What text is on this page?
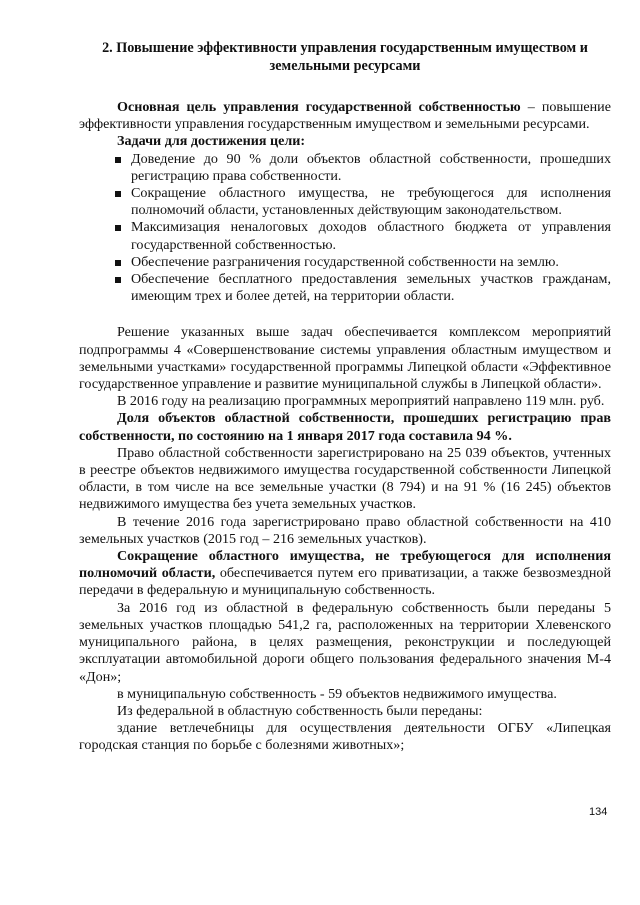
2. Повышение эффективности управления государственным имуществом и земельными ресурсами

Основная цель управления государственной собственностью – повышение эффективности управления государственным имуществом и земельными ресурсами.

Задачи для достижения цели:

Доведение до 90 % доли объектов областной собственности, прошедших регистрацию права собственности.
Сокращение областного имущества, не требующегося для исполнения полномочий области, установленных действующим законодательством.
Максимизация неналоговых доходов областного бюджета от управления государственной собственностью.
Обеспечение разграничения государственной собственности на землю.
Обеспечение бесплатного предоставления земельных участков гражданам, имеющим трех и более детей, на территории области.

Решение указанных выше задач обеспечивается комплексом мероприятий подпрограммы 4 «Совершенствование системы управления областным имуществом и земельными участками» государственной программы Липецкой области «Эффективное государственное управление и развитие муниципальной службы в Липецкой области».

В 2016 году на реализацию программных мероприятий направлено 119 млн. руб.

Доля объектов областной собственности, прошедших регистрацию прав собственности, по состоянию на 1 января 2017 года составила 94 %.

Право областной собственности зарегистрировано на 25 039 объектов, учтенных в реестре объектов недвижимого имущества государственной собственности Липецкой области, в том числе на все земельные участки (8 794) и на 91 % (16 245) объектов недвижимого имущества без учета земельных участков.

В течение 2016 года зарегистрировано право областной собственности на 410 земельных участков (2015 год – 216 земельных участков).

Сокращение областного имущества, не требующегося для исполнения полномочий области, обеспечивается путем его приватизации, а также безвозмездной передачи в федеральную и муниципальную собственность.

За 2016 год из областной в федеральную собственность были переданы 5 земельных участков площадью 541,2 га, расположенных на территории Хлевенского муниципального района, в целях размещения, реконструкции и последующей эксплуатации автомобильной дороги общего пользования федерального значения М-4 «Дон»;

в муниципальную собственность - 59 объектов недвижимого имущества.

Из федеральной в областную собственность были переданы:

здание ветлечебницы для осуществления деятельности ОГБУ «Липецкая городская станция по борьбе с болезнями животных»;

134
